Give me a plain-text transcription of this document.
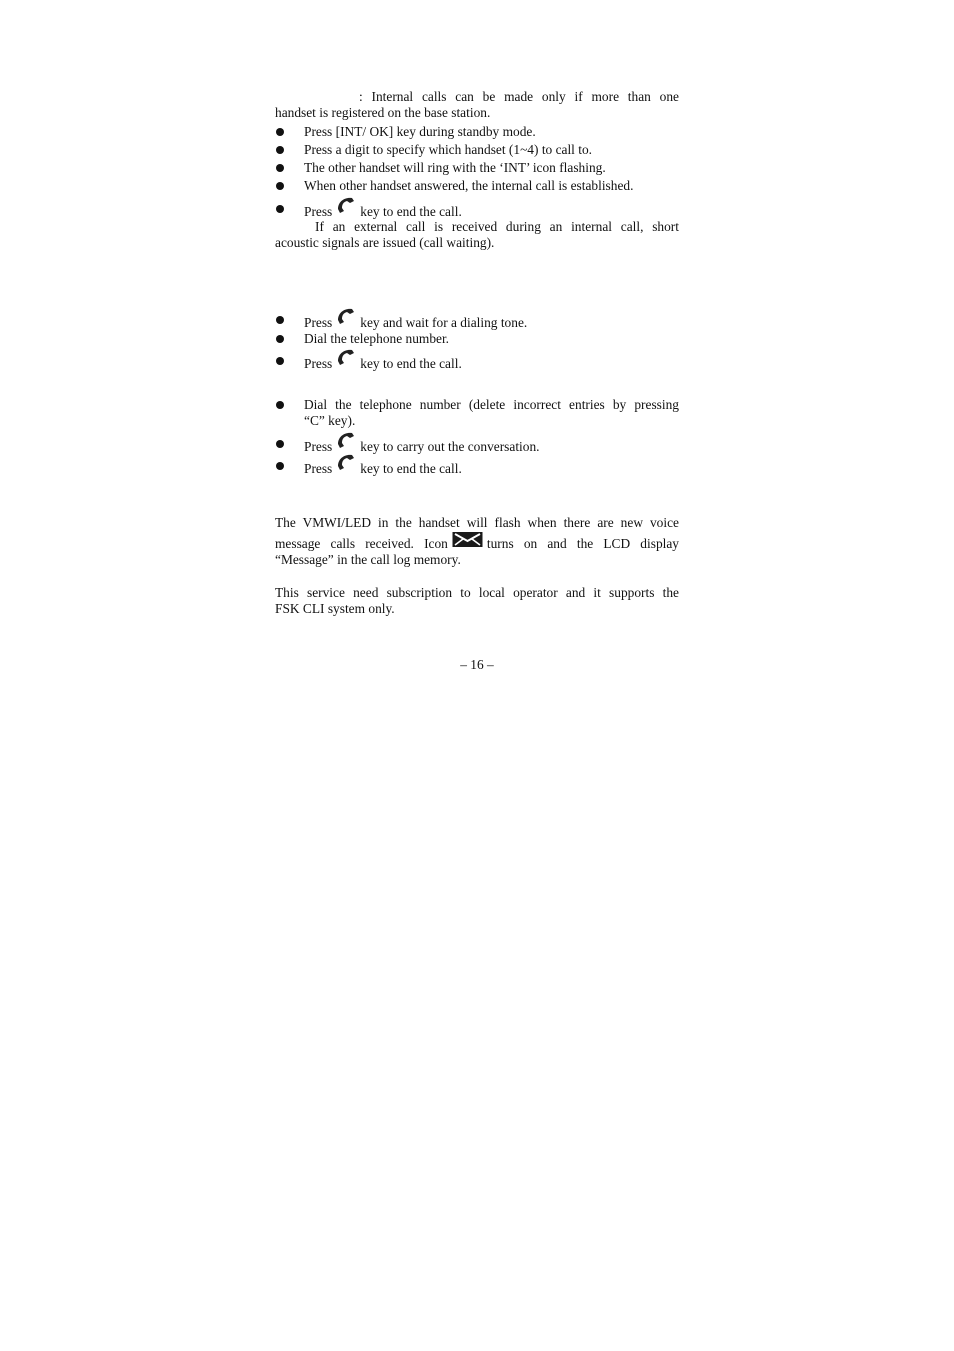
: Internal calls can be made only if more than one
handset is registered on the base station.
Press [INT/ OK] key during standby mode.
Press a digit to specify which handset (1~4) to call to.
The other handset will ring with the ‘INT’ icon flashing.
When other handset answered, the internal call is established.
Press key to end the call.
If an external call is received during an internal call, short
acoustic signals are issued (call waiting).
Press key and wait for a dialing tone.
Dial the telephone number.
Press key to end the call.
Dial the telephone number (delete incorrect entries by pressing
“C” key).
Press key to carry out the conversation.
Press key to end the call.
The VMWI/LED in the handset will flash when there are new voice
message calls received. Icon	turns on and the LCD display
“Message” in the call log memory.
This service need subscription to local operator and it supports the
FSK CLI system only.
– 16 –
